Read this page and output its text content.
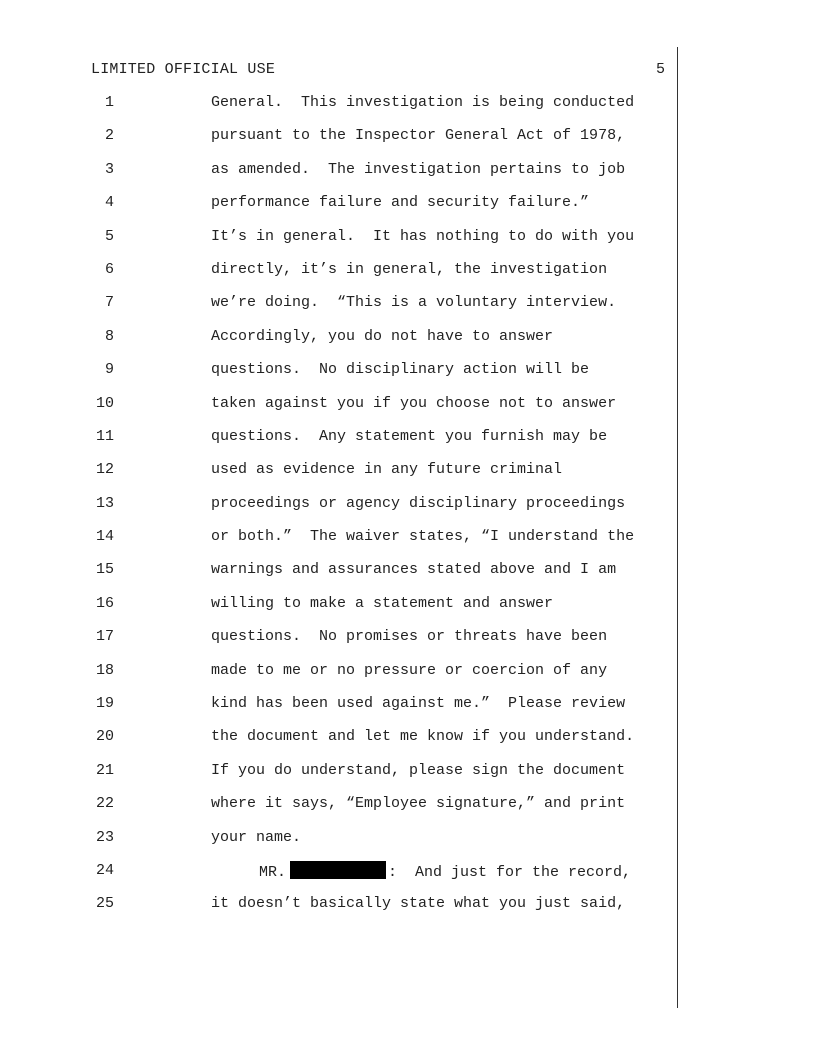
LIMITED OFFICIAL USE	5
1	General.  This investigation is being conducted
2	pursuant to the Inspector General Act of 1978,
3	as amended.  The investigation pertains to job
4	performance failure and security failure.”
5	It’s in general.  It has nothing to do with you
6	directly, it’s in general, the investigation
7	we’re doing.  “This is a voluntary interview.
8	Accordingly, you do not have to answer
9	questions.  No disciplinary action will be
10	taken against you if you choose not to answer
11	questions.  Any statement you furnish may be
12	used as evidence in any future criminal
13	proceedings or agency disciplinary proceedings
14	or both.”  The waiver states, “I understand the
15	warnings and assurances stated above and I am
16	willing to make a statement and answer
17	questions.  No promises or threats have been
18	made to me or no pressure or coercion of any
19	kind has been used against me.”  Please review
20	the document and let me know if you understand.
21	If you do understand, please sign the document
22	where it says, “Employee signature,” and print
23	your name.
24	MR.	:  And just for the record,
25	it doesn’t basically state what you just said,
